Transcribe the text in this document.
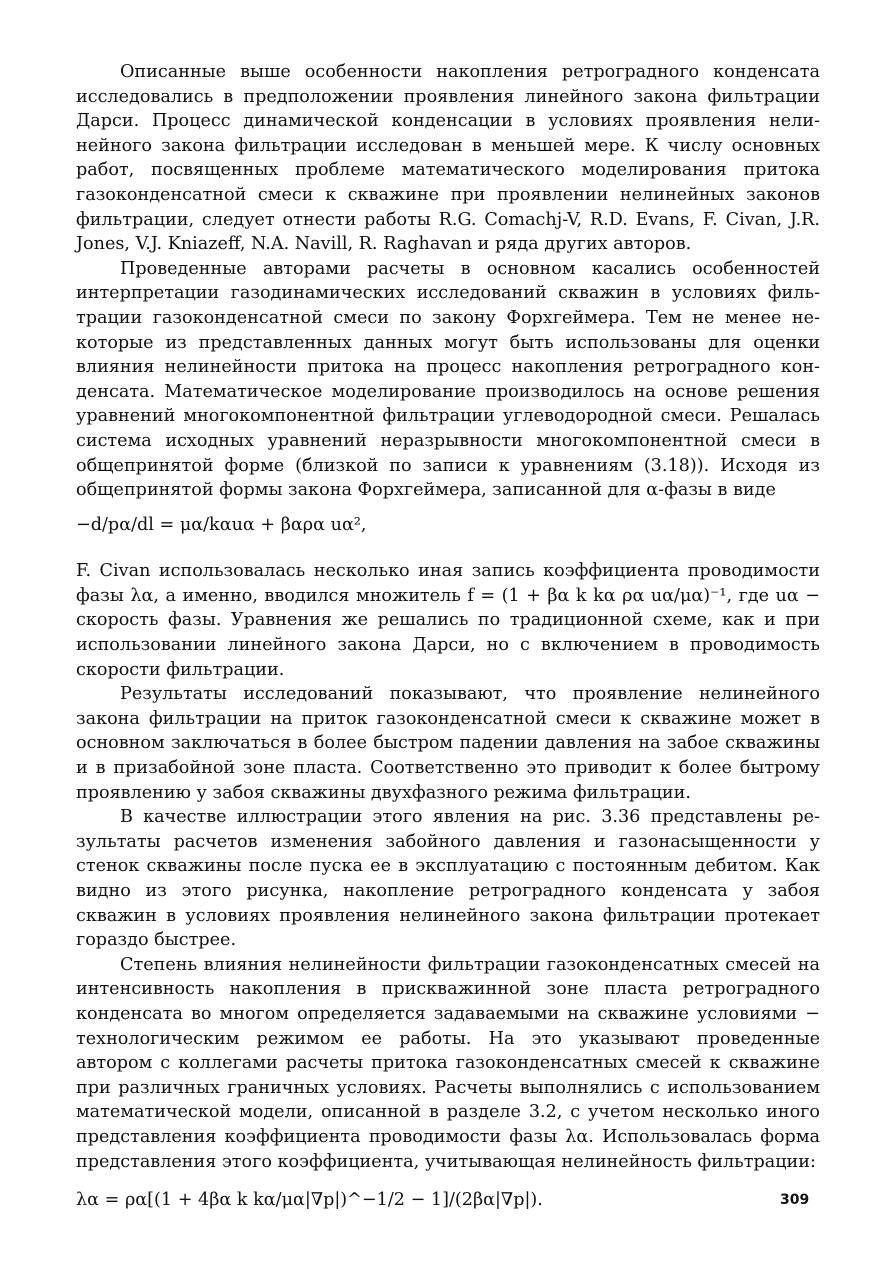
Описанные выше особенности накопления ретроградного конденсата исследовались в предположении проявления линейного закона фильтрации Дарси. Процесс динамической конденсации в условиях проявления нелинейного закона фильтрации исследован в меньшей мере. К числу основных работ, посвященных проблеме математического моделирования притока газоконденсатной смеси к скважине при проявлении нелинейных законов фильтрации, следует отнести работы R.G. Comachj-V, R.D. Evans, F. Civan, J.R. Jones, V.J. Kniazeff, N.A. Navill, R. Raghavan и ряда других авторов.

Проведенные авторами расчеты в основном касались особенностей интерпретации газодинамических исследований скважин в условиях фильтрации газоконденсатной смеси по закону Форхгеймера. Тем не менее некоторые из представленных данных могут быть использованы для оценки влияния нелинейности притока на процесс накопления ретроградного конденсата. Математическое моделирование производилось на основе решения уравнений многокомпонентной фильтрации углеводородной смеси. Решалась система исходных уравнений неразрывности многокомпонентной смеси в общепринятой форме (близкой по записи к уравнениям (3.18)). Исходя из общепринятой формы закона Форхгеймера, записанной для α-фазы в виде

−d/pα/dl = μα/kαuα + βαρα uα²,

F. Civan использовалась несколько иная запись коэффициента проводимости фазы λα, а именно, вводился множитель f = (1 + βα k kα ρα uα/μα)⁻¹, где uα − скорость фазы. Уравнения же решались по традиционной схеме, как и при использовании линейного закона Дарси, но с включением в проводимость скорости фильтрации.

Результаты исследований показывают, что проявление нелинейного закона фильтрации на приток газоконденсатной смеси к скважине может в основном заключаться в более быстром падении давления на забое скважины и в призабойной зоне пласта. Соответственно это приводит к более бытрому проявлению у забоя скважины двухфазного режима фильтрации.

В качестве иллюстрации этого явления на рис. 3.36 представлены результаты расчетов изменения забойного давления и газонасыщенности у стенок скважины после пуска ее в эксплуатацию с постоянным дебитом. Как видно из этого рисунка, накопление ретроградного конденсата у забоя скважин в условиях проявления нелинейного закона фильтрации протекает гораздо быстрее.

Степень влияния нелинейности фильтрации газоконденсатных смесей на интенсивность накопления в прискважинной зоне пласта ретроградного конденсата во многом определяется задаваемыми на скважине условиями − технологическим режимом ее работы. На это указывают проведенные автором с коллегами расчеты притока газоконденсатных смесей к скважине при различных граничных условиях. Расчеты выполнялись с использованием математической модели, описанной в разделе 3.2, с учетом несколько иного представления коэффициента проводимости фазы λα. Использовалась форма представления этого коэффициента, учитывающая нелинейность фильтрации:

λα = ρα[(1 + 4βα k kα/μα|∇p|)^−1/2 − 1]/(2βα|∇p|).	309
